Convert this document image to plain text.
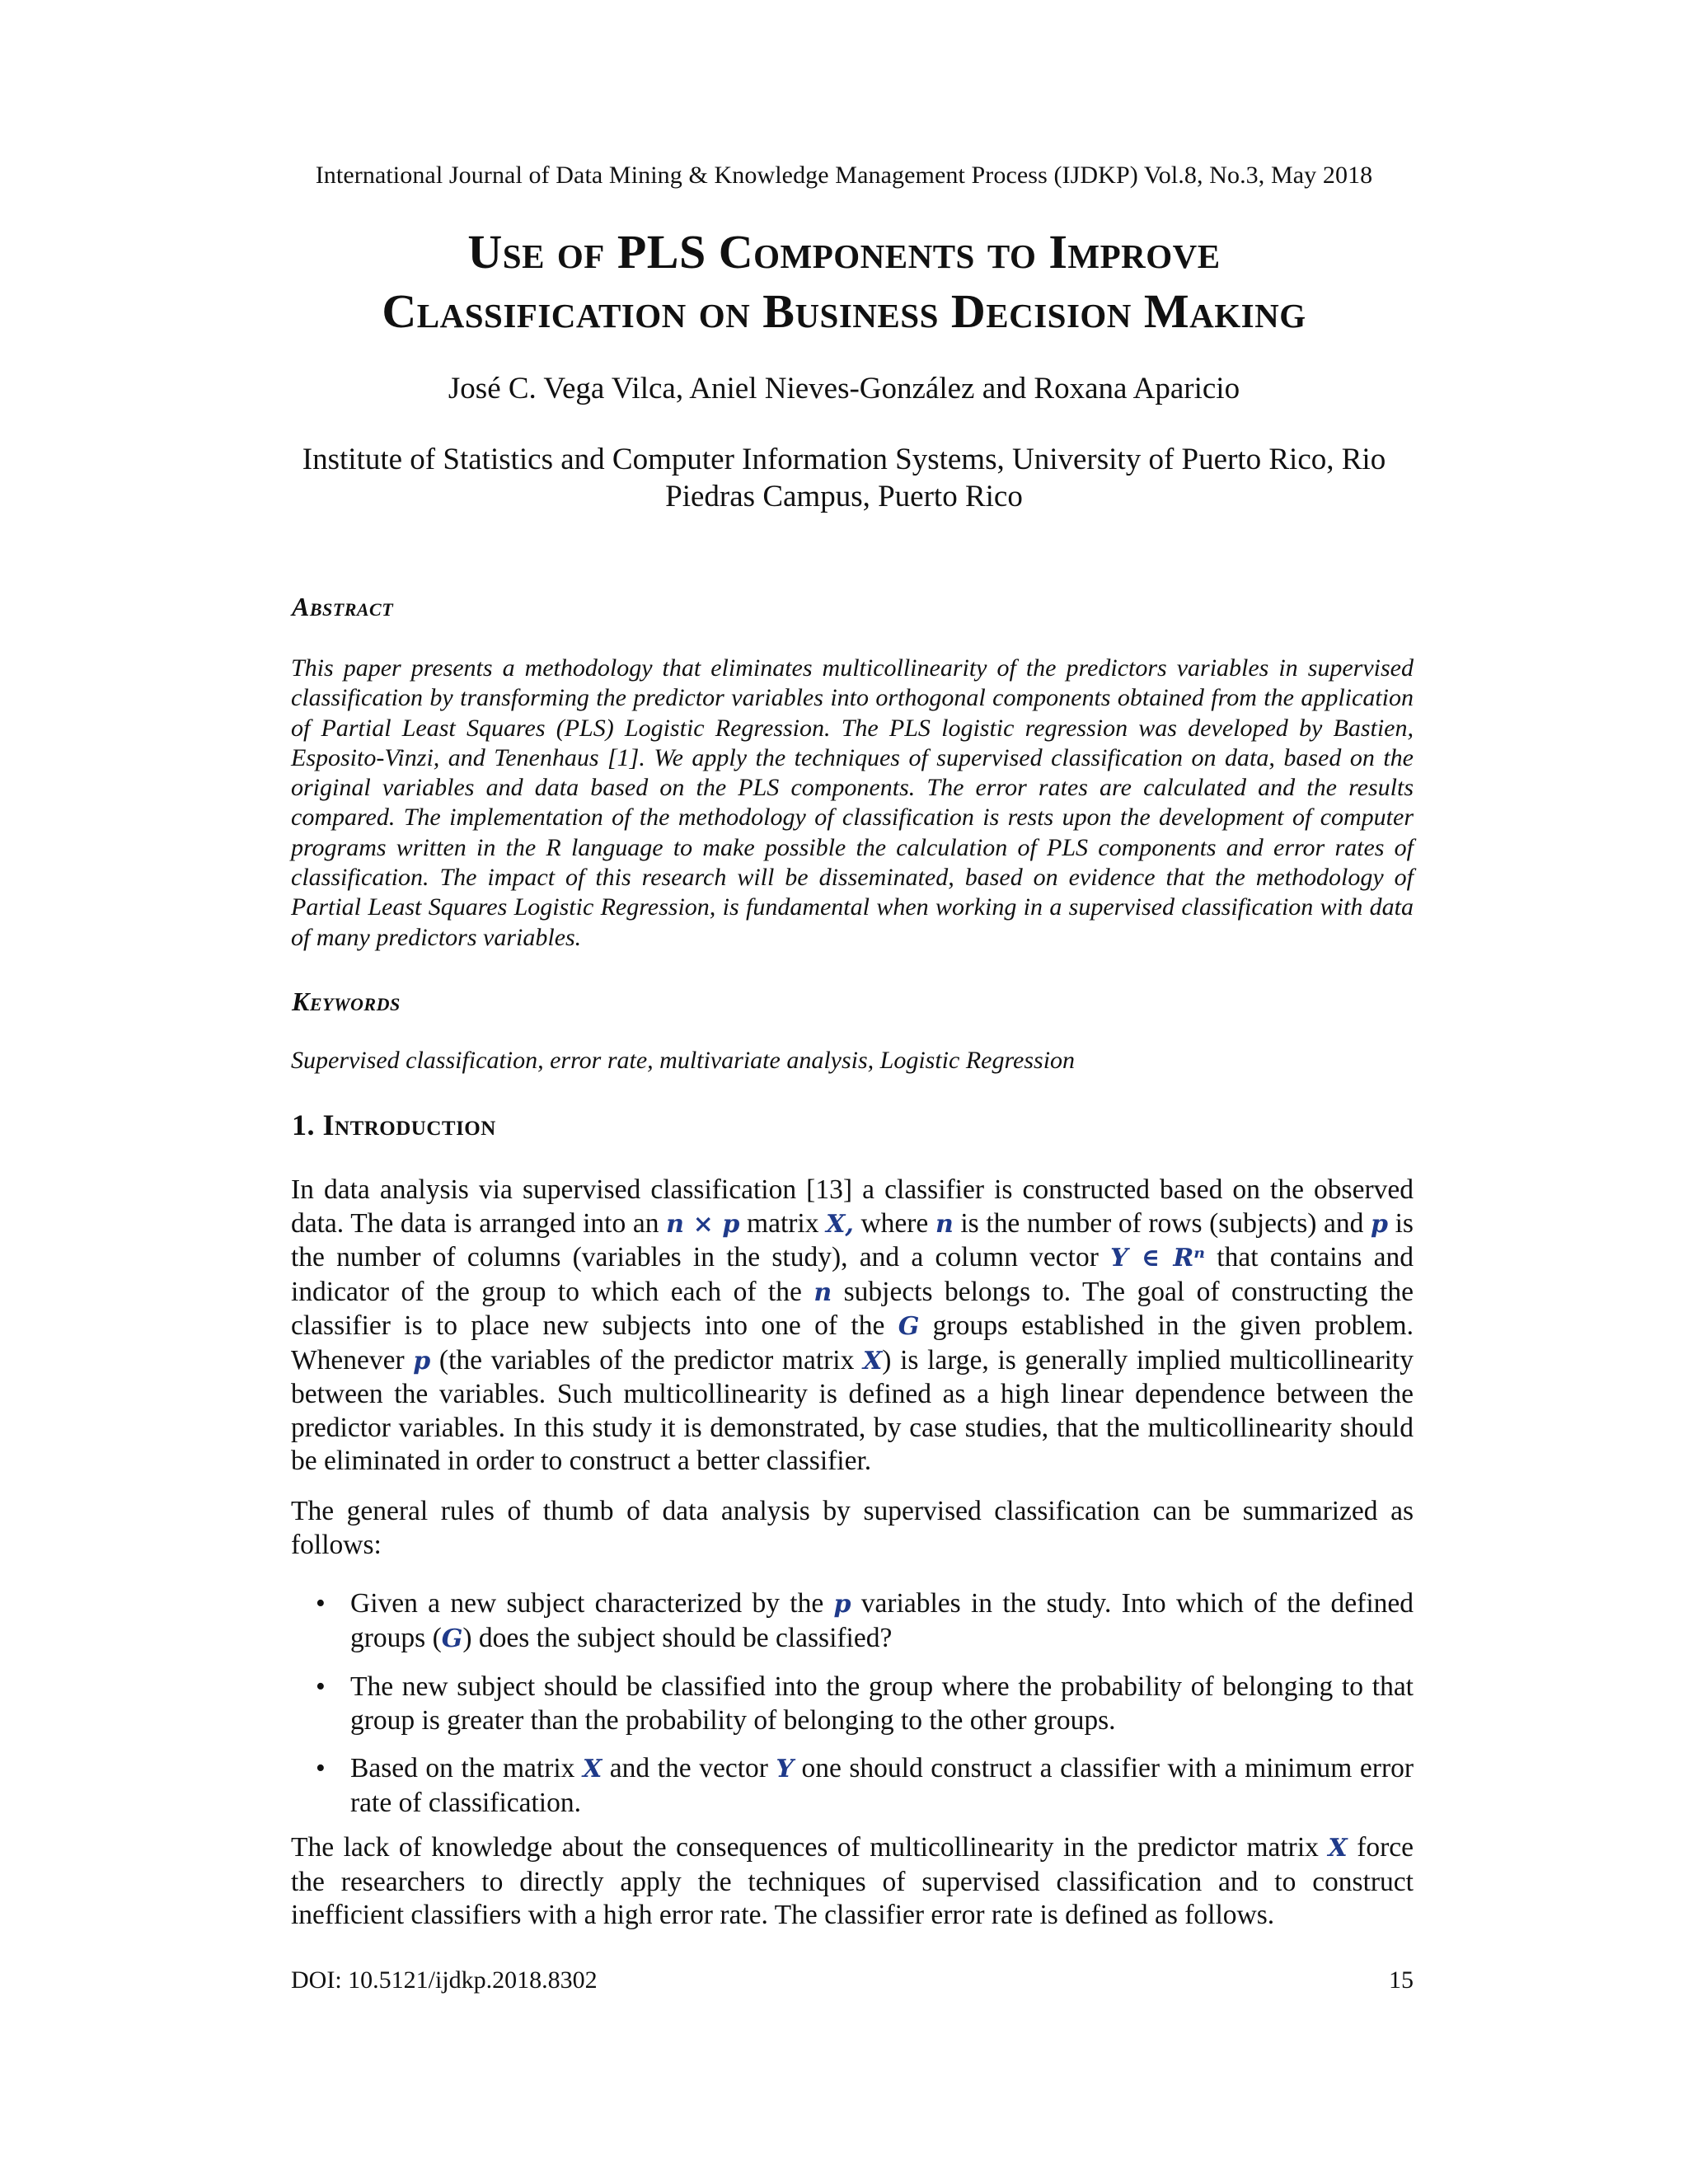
International Journal of Data Mining & Knowledge Management Process (IJDKP) Vol.8, No.3, May 2018
Use of PLS Components to Improve
Classification on Business Decision Making
José C. Vega Vilca, Aniel Nieves-González and Roxana Aparicio
Institute of Statistics and Computer Information Systems, University of Puerto Rico, Rio
Piedras Campus, Puerto Rico
Abstract
This paper presents a methodology that eliminates multicollinearity of the predictors variables in supervised classification by transforming the predictor variables into orthogonal components obtained from the application of Partial Least Squares (PLS) Logistic Regression. The PLS logistic regression was developed by Bastien, Esposito-Vinzi, and Tenenhaus [1]. We apply the techniques of supervised classification on data, based on the original variables and data based on the PLS components. The error rates are calculated and the results compared. The implementation of the methodology of classification is rests upon the development of computer programs written in the R language to make possible the calculation of PLS components and error rates of classification. The impact of this research will be disseminated, based on evidence that the methodology of Partial Least Squares Logistic Regression, is fundamental when working in a supervised classification with data of many predictors variables.
Keywords
Supervised classification, error rate, multivariate analysis, Logistic Regression
1. Introduction
In data analysis via supervised classification [13] a classifier is constructed based on the observed data. The data is arranged into an n × p matrix X, where n is the number of rows (subjects) and p is the number of columns (variables in the study), and a column vector Y ∈ Rⁿ that contains and indicator of the group to which each of the n subjects belongs to. The goal of constructing the classifier is to place new subjects into one of the G groups established in the given problem. Whenever p (the variables of the predictor matrix X) is large, is generally implied multicollinearity between the variables. Such multicollinearity is defined as a high linear dependence between the predictor variables. In this study it is demonstrated, by case studies, that the multicollinearity should be eliminated in order to construct a better classifier.
The general rules of thumb of data analysis by supervised classification can be summarized as follows:
• Given a new subject characterized by the p variables in the study. Into which of the defined groups (G) does the subject should be classified?
• The new subject should be classified into the group where the probability of belonging to that group is greater than the probability of belonging to the other groups.
• Based on the matrix X and the vector Y one should construct a classifier with a minimum error rate of classification.
The lack of knowledge about the consequences of multicollinearity in the predictor matrix X force the researchers to directly apply the techniques of supervised classification and to construct inefficient classifiers with a high error rate. The classifier error rate is defined as follows.
DOI: 10.5121/ijdkp.2018.8302	15
